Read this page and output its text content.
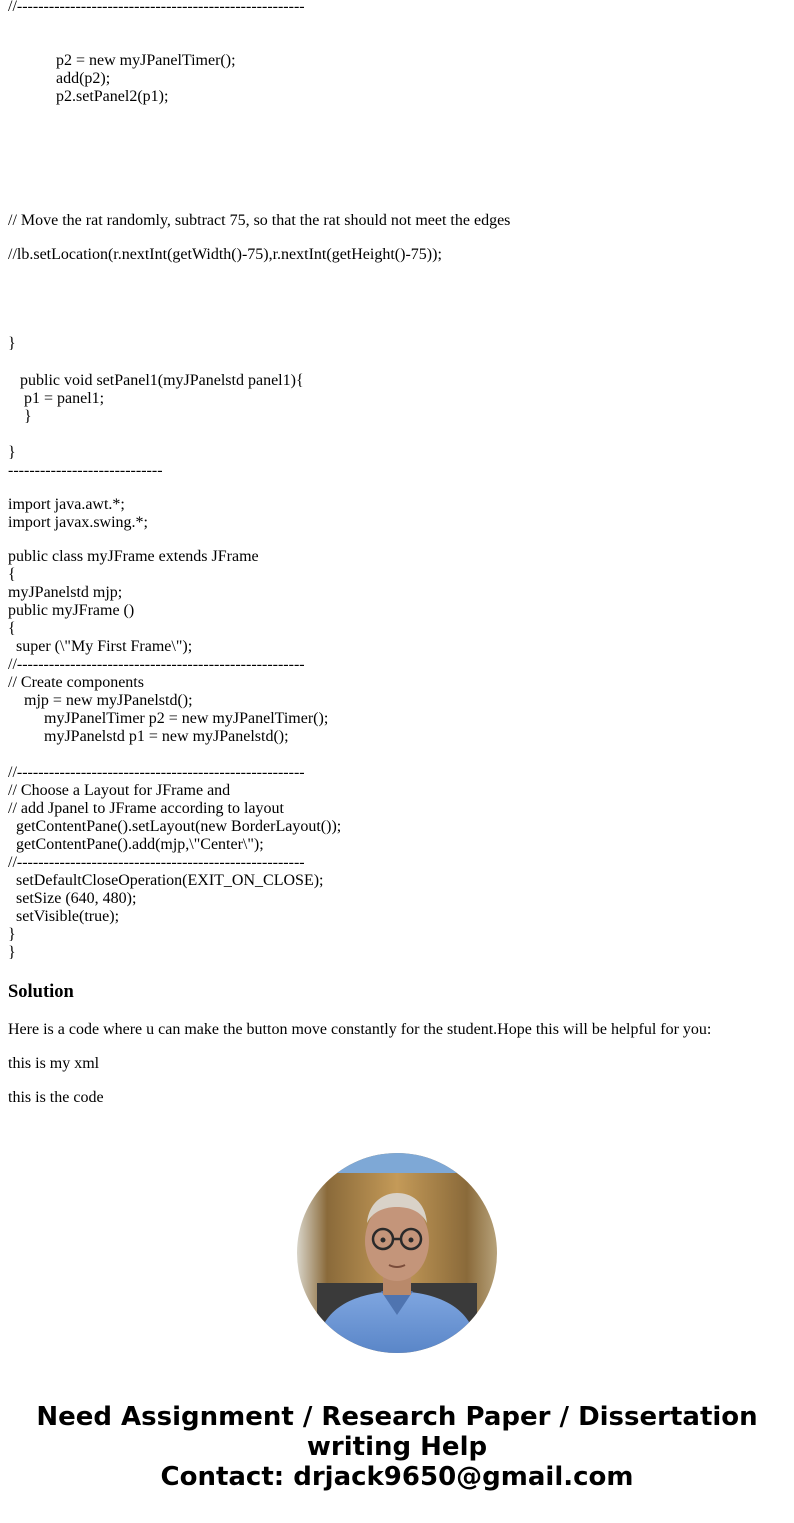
//------------------------------------------------------
p2 = new myJPanelTimer();
add(p2);
p2.setPanel2(p1);
// Move the rat randomly, subtract 75, so that the rat should not meet the edges
//lb.setLocation(r.nextInt(getWidth()-75),r.nextInt(getHeight()-75));
}
public void setPanel1(myJPanelstd panel1){
p1 = panel1;
}
}
-----------------------------
import java.awt.*;
import javax.swing.*;
public class myJFrame extends JFrame
{
myJPanelstd mjp;
public myJFrame ()
{
super (\"My First Frame\");
//------------------------------------------------------
// Create components
mjp = new myJPanelstd();
myJPanelTimer p2 = new myJPanelTimer();
myJPanelstd p1 = new myJPanelstd();
//------------------------------------------------------
// Choose a Layout for JFrame and
// add Jpanel to JFrame according to layout
getContentPane().setLayout(new BorderLayout());
getContentPane().add(mjp,\"Center\");
//------------------------------------------------------
setDefaultCloseOperation(EXIT_ON_CLOSE);
setSize (640, 480);
setVisible(true);
}
}
Solution
Here is a code where u can make the button move constantly for the student.Hope this will be helpful for you:
this is my xml
this is the code
Need Assignment / Research Paper / Dissertation
writing Help
Contact: drjack9650@gmail.com
